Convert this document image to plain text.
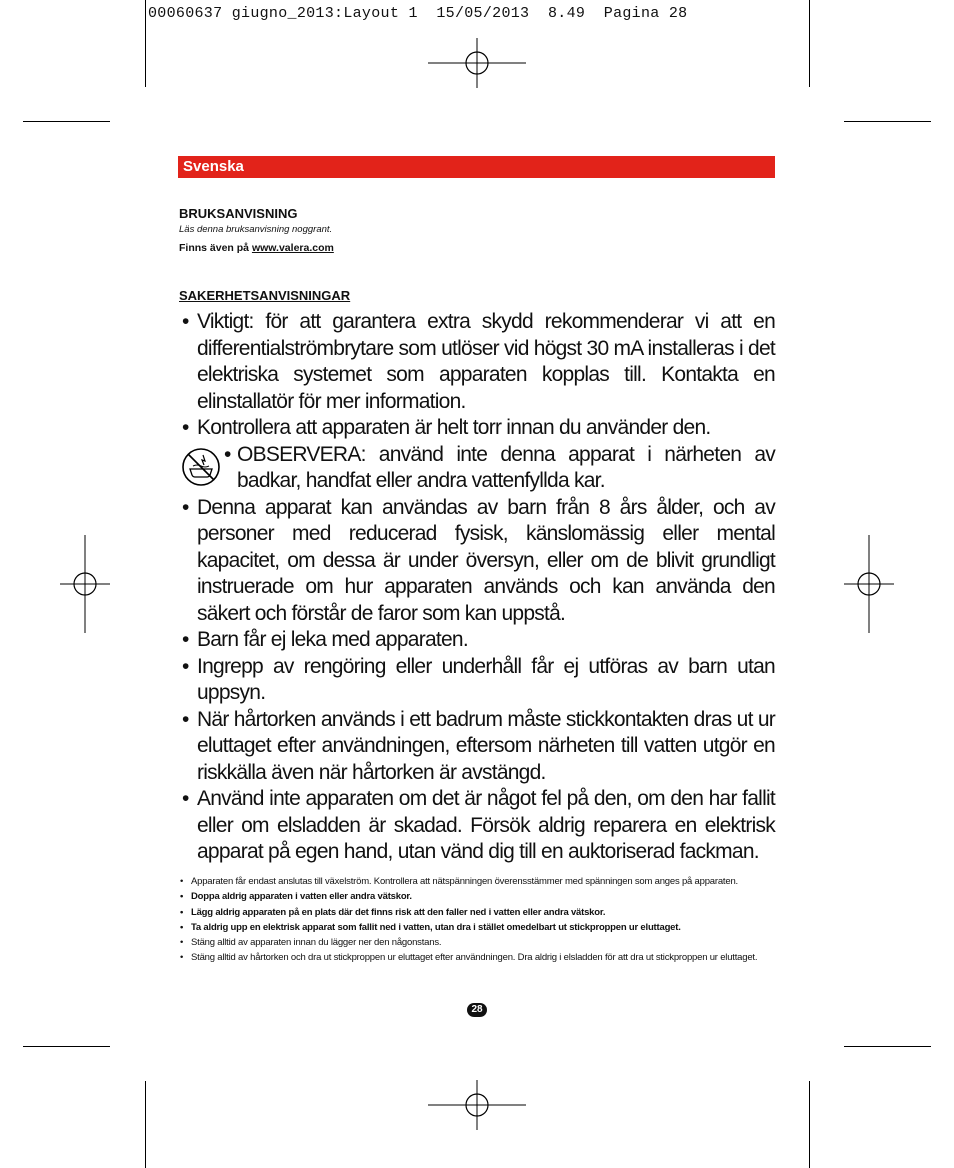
00060637 giugno_2013:Layout 1  15/05/2013  8.49  Pagina 28
Svenska
BRUKSANVISNING
Läs denna bruksanvisning noggrant.
Finns även på www.valera.com
SAKERHETSANVISNINGAR
• Viktigt: för att garantera extra skydd rekommenderar vi att en differentialströmbrytare som utlöser vid högst 30 mA installeras i det elektriska systemet som apparaten kopplas till. Kontakta en elinstallatör för mer information.
• Kontrollera att apparaten är helt torr innan du använder den.
• OBSERVERA: använd inte denna apparat i närheten av badkar, handfat eller andra vattenfyllda kar.
• Denna apparat kan användas av barn från 8 års ålder, och av personer med reducerad fysisk, känslomässig eller mental kapacitet, om dessa är under översyn, eller om de blivit grundligt instruerade om hur apparaten används och kan använda den säkert och förstår de faror som kan uppstå.
• Barn får ej leka med apparaten.
• Ingrepp av rengöring eller underhåll får ej utföras av barn utan uppsyn.
• När hårtorken används i ett badrum måste stickkontakten dras ut ur eluttaget efter användningen, eftersom närheten till vatten utgör en riskkälla även när hårtorken är avstängd.
• Använd inte apparaten om det är något fel på den, om den har fallit eller om elsladden är skadad. Försök aldrig reparera en elektrisk apparat på egen hand, utan vänd dig till en auktoriserad fackman.
• Apparaten får endast anslutas till växelström. Kontrollera att nätspänningen överensstämmer med spänningen som anges på apparaten.
• Doppa aldrig apparaten i vatten eller andra vätskor.
• Lägg aldrig apparaten på en plats där det finns risk att den faller ned i vatten eller andra vätskor.
• Ta aldrig upp en elektrisk apparat som fallit ned i vatten, utan dra i stället omedelbart ut stickproppen ur eluttaget.
• Stäng alltid av apparaten innan du lägger ner den någonstans.
• Stäng alltid av hårtorken och dra ut stickproppen ur eluttaget efter användningen. Dra aldrig i elsladden för att dra ut stickproppen ur eluttaget.
28
